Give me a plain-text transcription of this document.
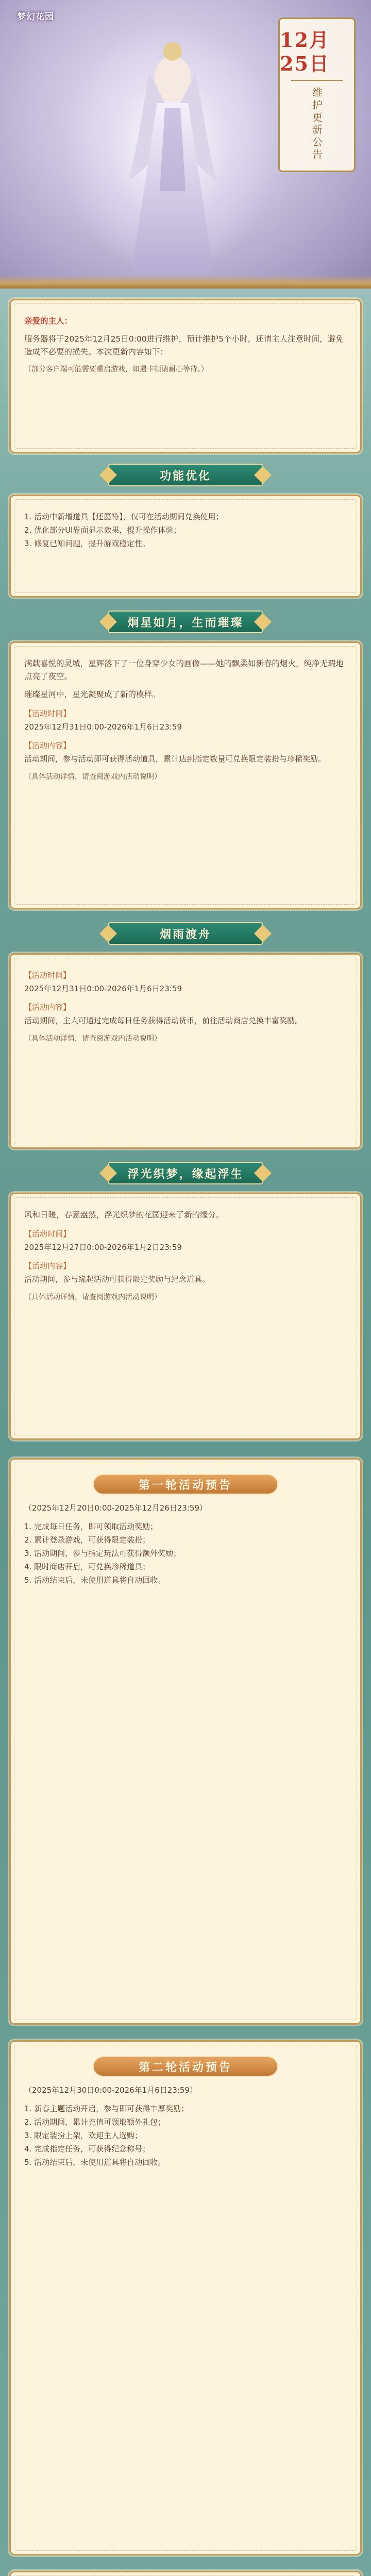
梦幻花园
12月25日
维护更新公告
亲爱的主人：
服务器将于2025年12月25日0:00进行维护，预计维护5个小时，还请主人注意时间，避免造成不必要的损失。本次更新内容如下：
（部分客户端可能需要重启游戏，如遇卡顿请耐心等待。）
功能优化
1. 活动中新增道具【还愿符】，仅可在活动期间兑换使用；
2. 优化部分UI界面显示效果，提升操作体验；
3. 修复已知问题，提升游戏稳定性。
炯星如月，生而璀璨
满载喜悦的灵城，星辉落下了一位身穿少女的画像——她的飘柔如新春的烟火，纯净无瑕地点亮了夜空。
璀璨星河中，星光凝聚成了新的模样。
【活动时间】
2025年12月31日0:00-2026年1月6日23:59
【活动内容】
活动期间，参与活动即可获得活动道具，累计达到指定数量可兑换限定装扮与珍稀奖励。
（具体活动详情，请查阅游戏内活动说明）
烟雨渡舟
【活动时间】
2025年12月31日0:00-2026年1月6日23:59
【活动内容】
活动期间，主人可通过完成每日任务获得活动货币，前往活动商店兑换丰富奖励。
（具体活动详情，请查阅游戏内活动说明）
浮光织梦，缘起浮生
风和日暖，春意盎然，浮光织梦的花园迎来了新的缘分。
【活动时间】
2025年12月27日0:00-2026年1月2日23:59
【活动内容】
活动期间，参与缘起活动可获得限定奖励与纪念道具。
（具体活动详情，请查阅游戏内活动说明）
第一轮活动预告
（2025年12月20日0:00-2025年12月26日23:59）
1. 完成每日任务，即可领取活动奖励；
2. 累计登录游戏，可获得限定装扮；
3. 活动期间，参与指定玩法可获得额外奖励；
4. 限时商店开启，可兑换珍稀道具；
5. 活动结束后，未使用道具将自动回收。
第二轮活动预告
（2025年12月30日0:00-2026年1月6日23:59）
1. 新春主题活动开启，参与即可获得丰厚奖励；
2. 活动期间，累计充值可领取额外礼包；
3. 限定装扮上架，欢迎主人选购；
4. 完成指定任务，可获得纪念称号；
5. 活动结束后，未使用道具将自动回收。
